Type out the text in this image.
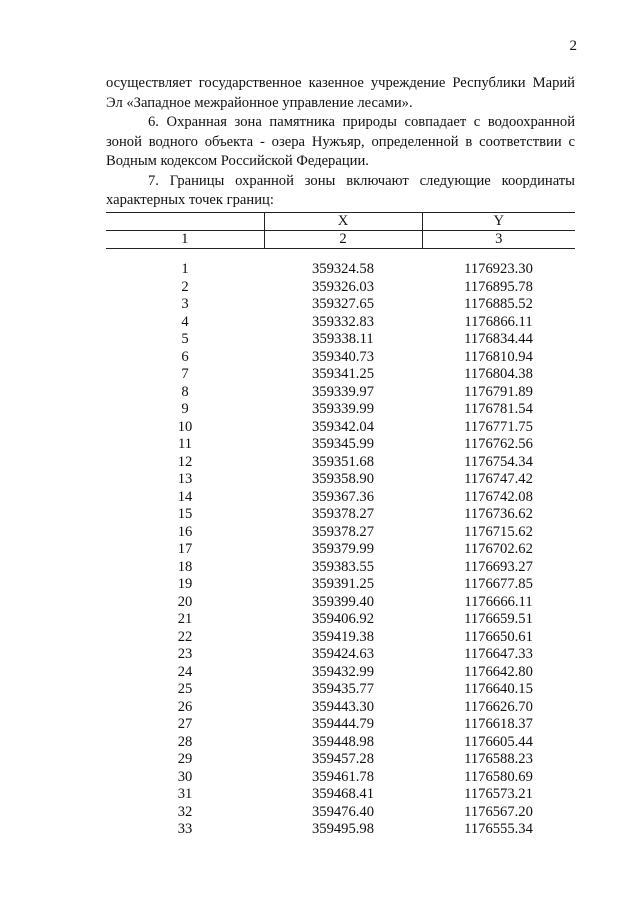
2

осуществляет государственное казенное учреждение Республики Марий Эл «Западное межрайонное управление лесами».

6. Охранная зона памятника природы совпадает с водоохранной зоной водного объекта - озера Нужъяр, определенной в соответствии с Водным кодексом Российской Федерации.

7. Границы охранной зоны включают следующие координаты характерных точек границ:

	X	Y
1	2	3
1	359324.58	1176923.30
2	359326.03	1176895.78
3	359327.65	1176885.52
4	359332.83	1176866.11
5	359338.11	1176834.44
6	359340.73	1176810.94
7	359341.25	1176804.38
8	359339.97	1176791.89
9	359339.99	1176781.54
10	359342.04	1176771.75
11	359345.99	1176762.56
12	359351.68	1176754.34
13	359358.90	1176747.42
14	359367.36	1176742.08
15	359378.27	1176736.62
16	359378.27	1176715.62
17	359379.99	1176702.62
18	359383.55	1176693.27
19	359391.25	1176677.85
20	359399.40	1176666.11
21	359406.92	1176659.51
22	359419.38	1176650.61
23	359424.63	1176647.33
24	359432.99	1176642.80
25	359435.77	1176640.15
26	359443.30	1176626.70
27	359444.79	1176618.37
28	359448.98	1176605.44
29	359457.28	1176588.23
30	359461.78	1176580.69
31	359468.41	1176573.21
32	359476.40	1176567.20
33	359495.98	1176555.34
